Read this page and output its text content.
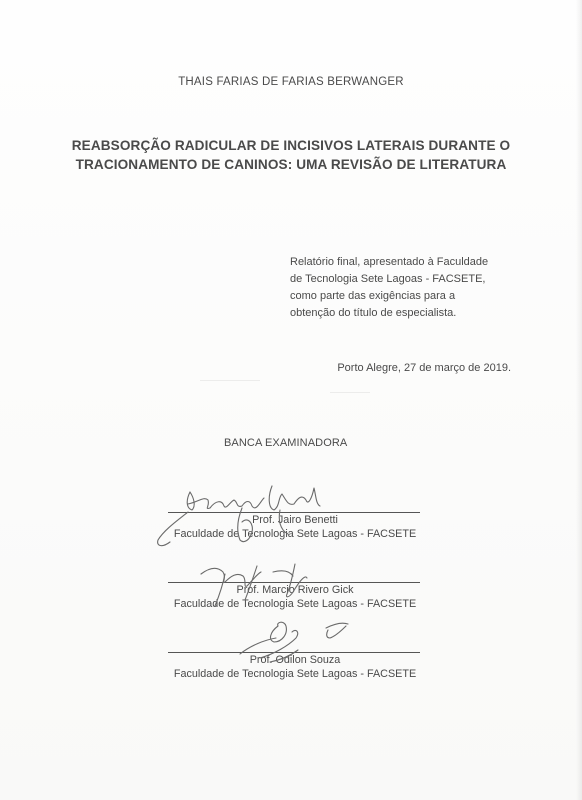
THAIS FARIAS DE FARIAS BERWANGER
REABSORÇÃO RADICULAR DE INCISIVOS LATERAIS DURANTE O
TRACIONAMENTO DE CANINOS: UMA REVISÃO DE LITERATURA
Relatório final, apresentado à Faculdade
de Tecnologia Sete Lagoas - FACSETE,
como parte das exigências para a
obtenção do título de especialista.
Porto Alegre, 27 de março de 2019.
BANCA EXAMINADORA
Prof. Jairo Benetti
Faculdade de Tecnologia Sete Lagoas - FACSETE
Prof. Marcio Rivero Gick
Faculdade de Tecnologia Sete Lagoas - FACSETE
Prof. Odilon Souza
Faculdade de Tecnologia Sete Lagoas - FACSETE
